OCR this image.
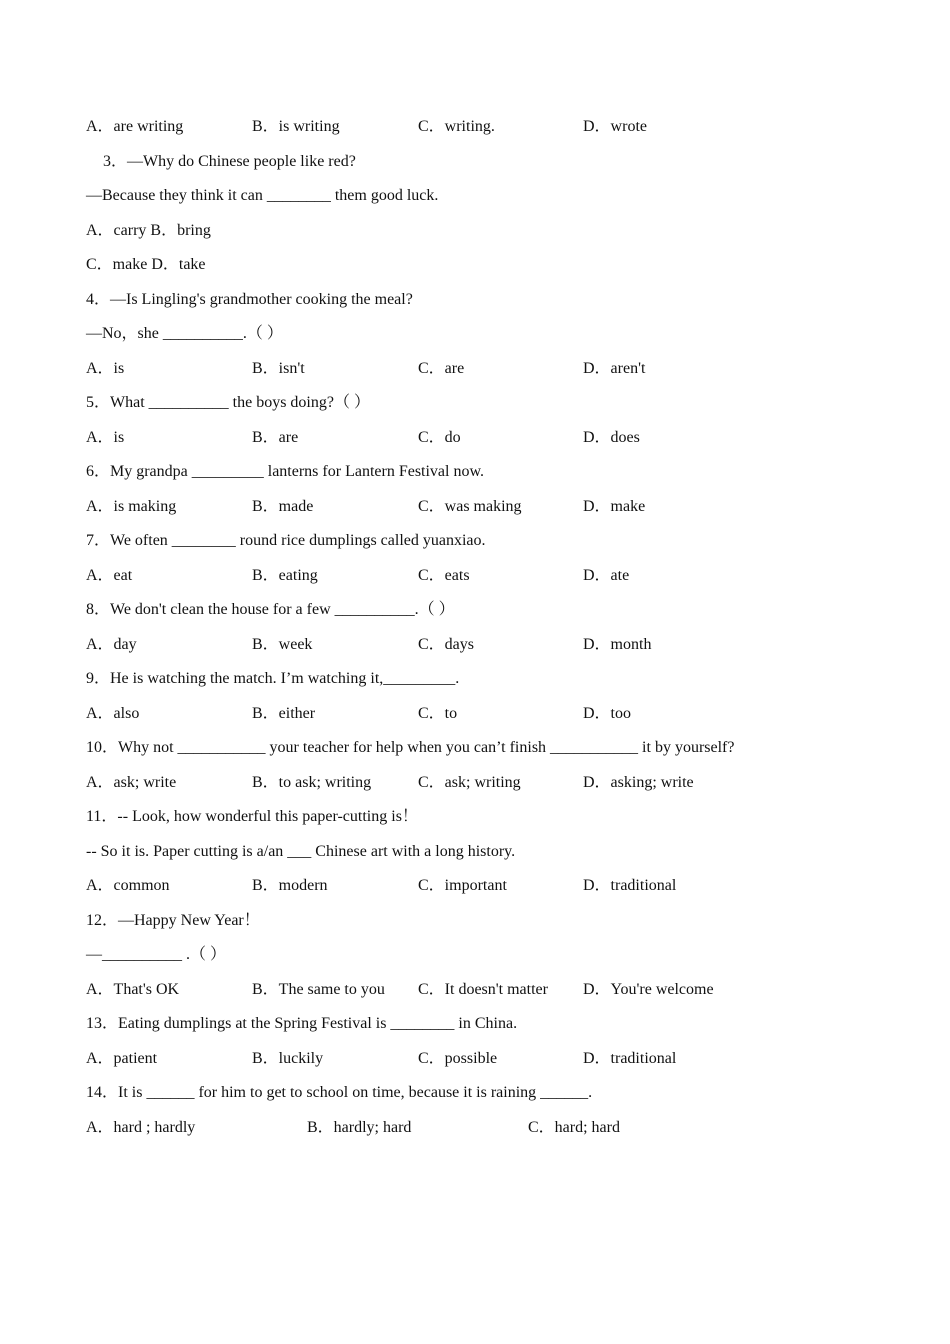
A．are writing	B．is writing	C．writing.	D．wrote
3．—Why do Chinese people like red?
—Because they think it can ________ them good luck.
A．carry B．bring
C．make D．take
4．—Is Lingling's grandmother cooking the meal?
—No，she __________.（ ）
A．is	B．isn't	C．are	D．aren't
5．What __________ the boys doing?（ ）
A．is	B．are	C．do	D．does
6．My grandpa _________ lanterns for Lantern Festival now.
A．is making	B．made	C．was making	D．make
7．We often ________ round rice dumplings called yuanxiao.
A．eat	B．eating	C．eats	D．ate
8．We don't clean the house for a few __________.（ ）
A．day	B．week	C．days	D．month
9．He is watching the match. I’m watching it,_________.
A．also	B．either	C．to	D．too
10．Why not ___________ your teacher for help when you can’t finish ___________ it by yourself?
A．ask; write	B．to ask; writing	C．ask; writing	D．asking; write
11．-- Look, how wonderful this paper-cutting is！
-- So it is. Paper cutting is a/an ___ Chinese art with a long history.
A．common	B．modern	C．important	D．traditional
12．—Happy New Year！
—__________ .（ ）
A．That's OK	B．The same to you C．It doesn't matter D．You're welcome
13．Eating dumplings at the Spring Festival is ________ in China.
A．patient	B．luckily	C．possible	D．traditional
14．It is ______ for him to get to school on time, because it is raining ______.
A．hard ; hardly	B．hardly; hard	C．hard; hard
